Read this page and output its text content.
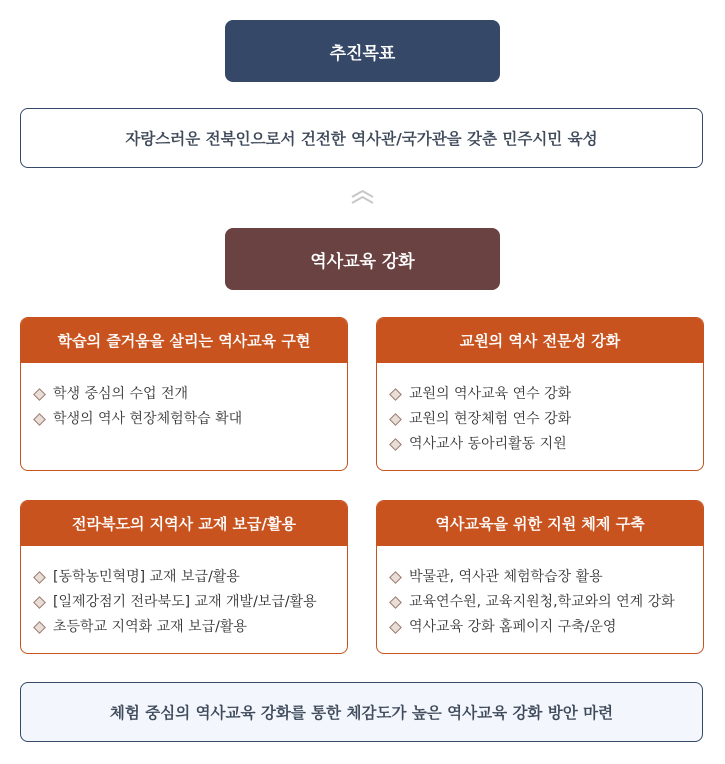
추진목표
자랑스러운 전북인으로서 건전한 역사관/국가관을 갖춘 민주시민 육성
역사교육 강화
학습의 즐거움을 살리는 역사교육 구현
학생 중심의 수업 전개
학생의 역사 현장체험학습 확대
교원의 역사 전문성 강화
교원의 역사교육 연수 강화
교원의 현장체험 연수 강화
역사교사 동아리활동 지원
전라북도의 지역사 교재 보급/활용
[동학농민혁명] 교재 보급/활용
[일제강점기 전라북도] 교재 개발/보급/활용
초등학교 지역화 교재 보급/활용
역사교육을 위한 지원 체제 구축
박물관, 역사관 체험학습장 활용
교육연수원, 교육지원청,학교와의 연계 강화
역사교육 강화 홈페이지 구축/운영
체험 중심의 역사교육 강화를 통한 체감도가 높은 역사교육 강화 방안 마련
